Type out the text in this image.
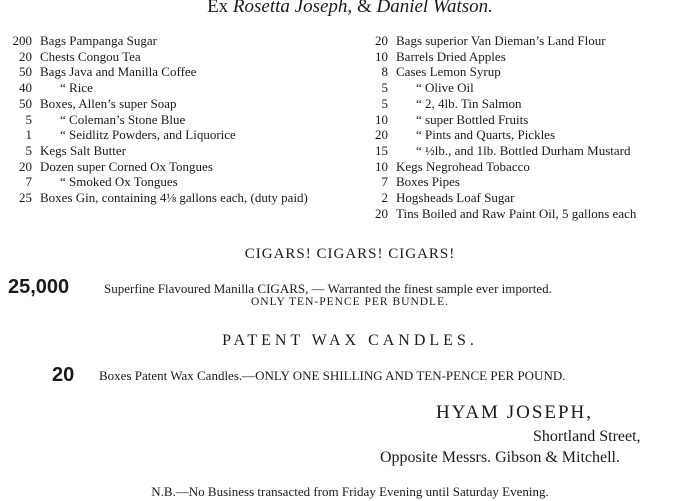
Ex Rosetta Joseph, & Daniel Watson.
200 Bags Pampanga Sugar
20 Chests Congou Tea
50 Bags Java and Manilla Coffee
40	“ Rice
50 Boxes, Allen’s super Soap
5	“ Coleman’s Stone Blue
1	“ Seidlitz Powders, and Liquorice
5 Kegs Salt Butter
20 Dozen super Corned Ox Tongues
7	“ Smoked Ox Tongues
25 Boxes Gin, containing 4⅛ gallons each, (duty paid)
20 Bags superior Van Dieman’s Land Flour
10 Barrels Dried Apples
8 Cases Lemon Syrup
5	“ Olive Oil
5	“ 2, 4lb. Tin Salmon
10	“ super Bottled Fruits
20	“ Pints and Quarts, Pickles
15	“ ½lb., and 1lb. Bottled Durham Mustard
10 Kegs Negrohead Tobacco
7 Boxes Pipes
2 Hogsheads Loaf Sugar
20 Tins Boiled and Raw Paint Oil, 5 gallons each
CIGARS! CIGARS! CIGARS!
25,000	Superfine Flavoured Manilla CIGARS, — Warranted the finest sample ever imported.
ONLY TEN-PENCE PER BUNDLE.
PATENT WAX CANDLES.
20 Boxes Patent Wax Candles.—ONLY ONE SHILLING AND TEN-PENCE PER POUND.
HYAM JOSEPH,
Shortland Street,
Opposite Messrs. Gibson & Mitchell.
N.B.—No Business transacted from Friday Evening until Saturday Evening.
